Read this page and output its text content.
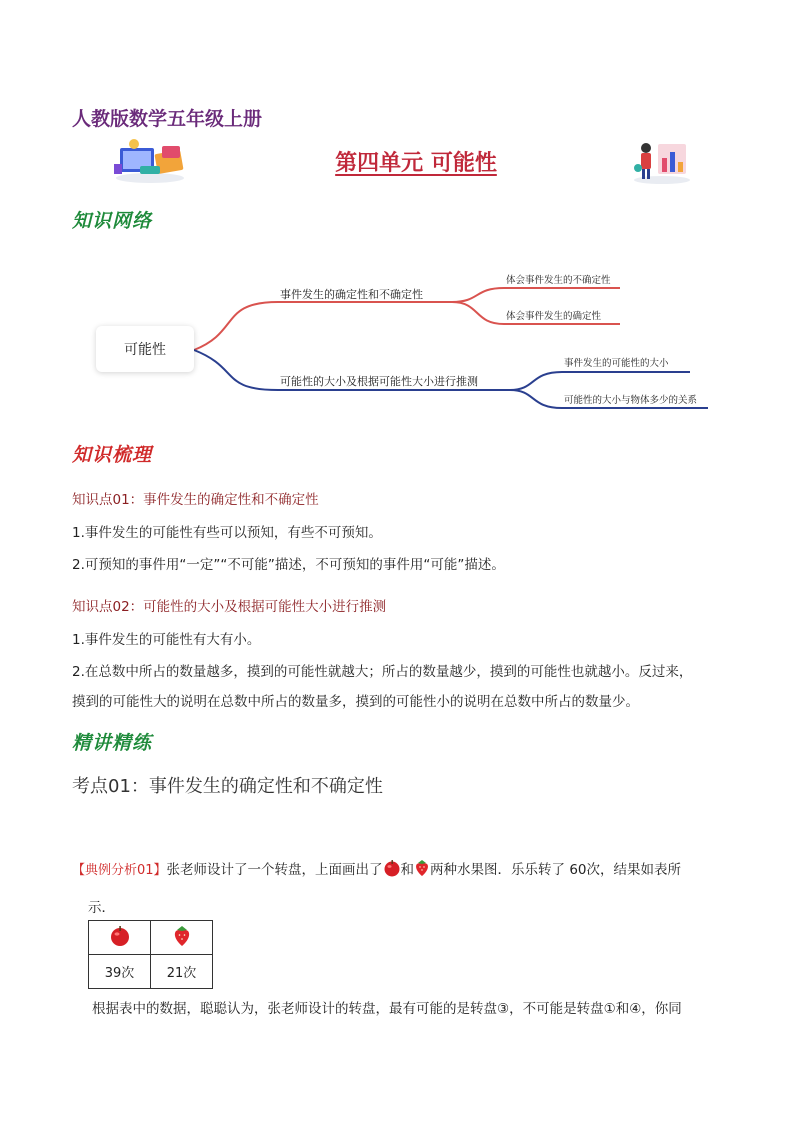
人教版数学五年级上册
第四单元 可能性
知识网络
可能性
事件发生的确定性和不确定性
体会事件发生的不确定性
体会事件发生的确定性
可能性的大小及根据可能性大小进行推测
事件发生的可能性的大小
可能性的大小与物体多少的关系
知识梳理
知识点01：事件发生的确定性和不确定性
1.事件发生的可能性有些可以预知，有些不可预知。
2.可预知的事件用“一定”“不可能”描述，不可预知的事件用“可能”描述。
知识点02：可能性的大小及根据可能性大小进行推测
1.事件发生的可能性有大有小。
2.在总数中所占的数量越多，摸到的可能性就越大；所占的数量越少，摸到的可能性也就越小。反过来，
摸到的可能性大的说明在总数中所占的数量多，摸到的可能性小的说明在总数中所占的数量少。
精讲精练
考点01：事件发生的确定性和不确定性
【典例分析01】张老师设计了一个转盘，上面画出了 和 两种水果图．乐乐转了 60次，结果如表所
示．

39次	21次
根据表中的数据，聪聪认为，张老师设计的转盘，最有可能的是转盘③，不可能是转盘①和④，你同
